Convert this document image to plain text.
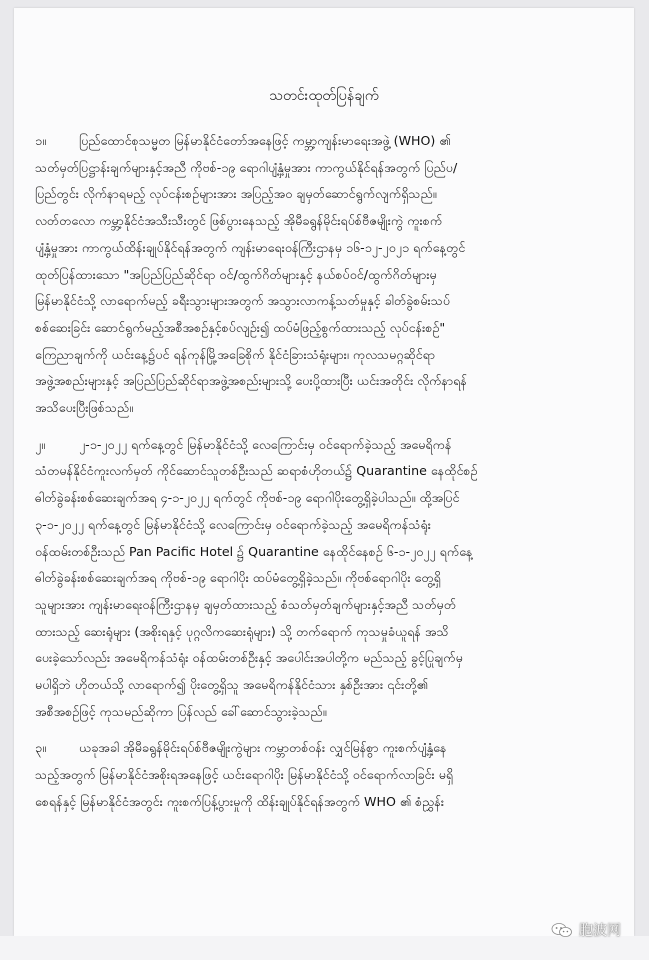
သတင်းထုတ်ပြန်ချက်
၁။	ပြည်ထောင်စုသမ္မတ မြန်မာနိုင်ငံတော်အနေဖြင့် ကမ္ဘာ့ကျန်းမာရေးအဖွဲ့ (WHO) ၏
သတ်မှတ်ပြဋ္ဌာန်းချက်များနှင့်အညီ ကိုဗစ်-၁၉ ရောဂါပျံ့နှံ့မှုအား ကာကွယ်နိုင်ရန်အတွက် ပြည်ပ/
ပြည်တွင်း လိုက်နာရမည့် လုပ်ငန်းစဉ်များအား အပြည့်အဝ ချမှတ်ဆောင်ရွက်လျက်ရှိသည်။
လတ်တလော ကမ္ဘာ့နိုင်ငံအသီးသီးတွင် ဖြစ်ပွားနေသည့် အိုမီခရွန်မိုင်းရပ်စ်ဗီဇမျိုးကွဲ ကူးစက်
ပျံ့နှံ့မှုအား ကာကွယ်ထိန်းချုပ်နိုင်ရန်အတွက် ကျန်းမာရေးဝန်ကြီးဌာနမှ ၁၆-၁၂-၂၀၂၁ ရက်နေ့တွင်
ထုတ်ပြန်ထားသော "အပြည်ပြည်ဆိုင်ရာ ဝင်/ထွက်ဂိတ်များနှင့် နယ်စပ်ဝင်/ထွက်ဂိတ်များမှ
မြန်မာနိုင်ငံသို့ လာရောက်မည့် ခရီးသွားများအတွက် အသွားလာကန့်သတ်မှုနှင့် ခါတ်ခွဲစမ်းသပ်
စစ်ဆေးခြင်း ဆောင်ရွက်မည့်အစီအစဉ်နှင့်စပ်လျဉ်း၍ ထပ်မံဖြည့်စွက်ထားသည့် လုပ်ငန်းစဉ်"
ကြေညာချက်ကို ယင်းနေ့၌ပင် ရန်ကုန်မြို့အခြေစိုက် နိုင်ငံခြားသံရုံးများ၊ ကုလသမဂ္ဂဆိုင်ရာ
အဖွဲ့အစည်းများနှင့် အပြည်ပြည်ဆိုင်ရာအဖွဲ့အစည်းများသို့ ပေးပို့ထားပြီး ယင်းအတိုင်း လိုက်နာရန်
အသိပေးပြီးဖြစ်သည်။
၂။	၂-၁-၂၀၂၂ ရက်နေ့တွင် မြန်မာနိုင်ငံသို့ လေကြောင်းမှ ဝင်ရောက်ခဲ့သည့် အမေရိကန်
သံတမန်နိုင်ငံကူးလက်မှတ် ကိုင်ဆောင်သူတစ်ဦးသည် ဆရာစံဟိုတယ်၌ Quarantine နေထိုင်စဉ်
ဓါတ်ခွဲခန်းစစ်ဆေးချက်အရ ၄-၁-၂၀၂၂ ရက်တွင် ကိုဗစ်-၁၉ ရောဂါပိုးတွေ့ရှိခဲ့ပါသည်။ ထို့အပြင်
၃-၁-၂၀၂၂ ရက်နေ့တွင် မြန်မာနိုင်ငံသို့ လေကြောင်းမှ ဝင်ရောက်ခဲ့သည့် အမေရိကန်သံရုံး
ဝန်ထမ်းတစ်ဦးသည် Pan Pacific Hotel ၌ Quarantine နေထိုင်နေစဉ် ၆-၁-၂၀၂၂ ရက်နေ့
ဓါတ်ခွဲခန်းစစ်ဆေးချက်အရ ကိုဗစ်-၁၉ ရောဂါပိုး ထပ်မံတွေ့ရှိခဲ့သည်။ ကိုဗစ်ရောဂါပိုး တွေ့ရှိ
သူများအား ကျန်းမာရေးဝန်ကြီးဌာနမှ ချမှတ်ထားသည့် စံသတ်မှတ်ချက်များနှင့်အညီ သတ်မှတ်
ထားသည့် ဆေးရုံများ (အစိုးရနှင့် ပုဂ္ဂလိကဆေးရုံများ) သို့ တက်ရောက် ကုသမှုခံယူရန် အသိ
ပေးခဲ့သော်လည်း အမေရိကန်သံရုံး ဝန်ထမ်းတစ်ဦးနှင့် အပေါင်းအပါတို့က မည်သည့် ခွင့်ပြုချက်မှ
မပါရှိဘဲ ဟိုတယ်သို့ လာရောက်၍ ပိုးတွေ့ရှိသူ အမေရိကန်နိုင်ငံသား နှစ်ဦးအား ၎င်းတို့၏
အစီအစဉ်ဖြင့် ကုသမည်ဆိုကာ ပြန်လည် ခေါ်ဆောင်သွားခဲ့သည်။
၃။	ယခုအခါ အိုမီခရွန်မိုင်းရပ်စ်ဗီဇမျိုးကွဲများ ကမ္ဘာတစ်ဝန်း လျှင်မြန်စွာ ကူးစက်ပျံ့နှံ့နေ
သည့်အတွက် မြန်မာနိုင်ငံအစိုးရအနေဖြင့် ယင်းရောဂါပိုး မြန်မာနိုင်ငံသို့ ဝင်ရောက်လာခြင်း မရှိ
စေရန်နှင့် မြန်မာနိုင်ငံအတွင်း ကူးစက်ပြန့်ပွားမှုကို ထိန်းချုပ်နိုင်ရန်အတွက် WHO ၏ စံညွှန်း
胞波网
